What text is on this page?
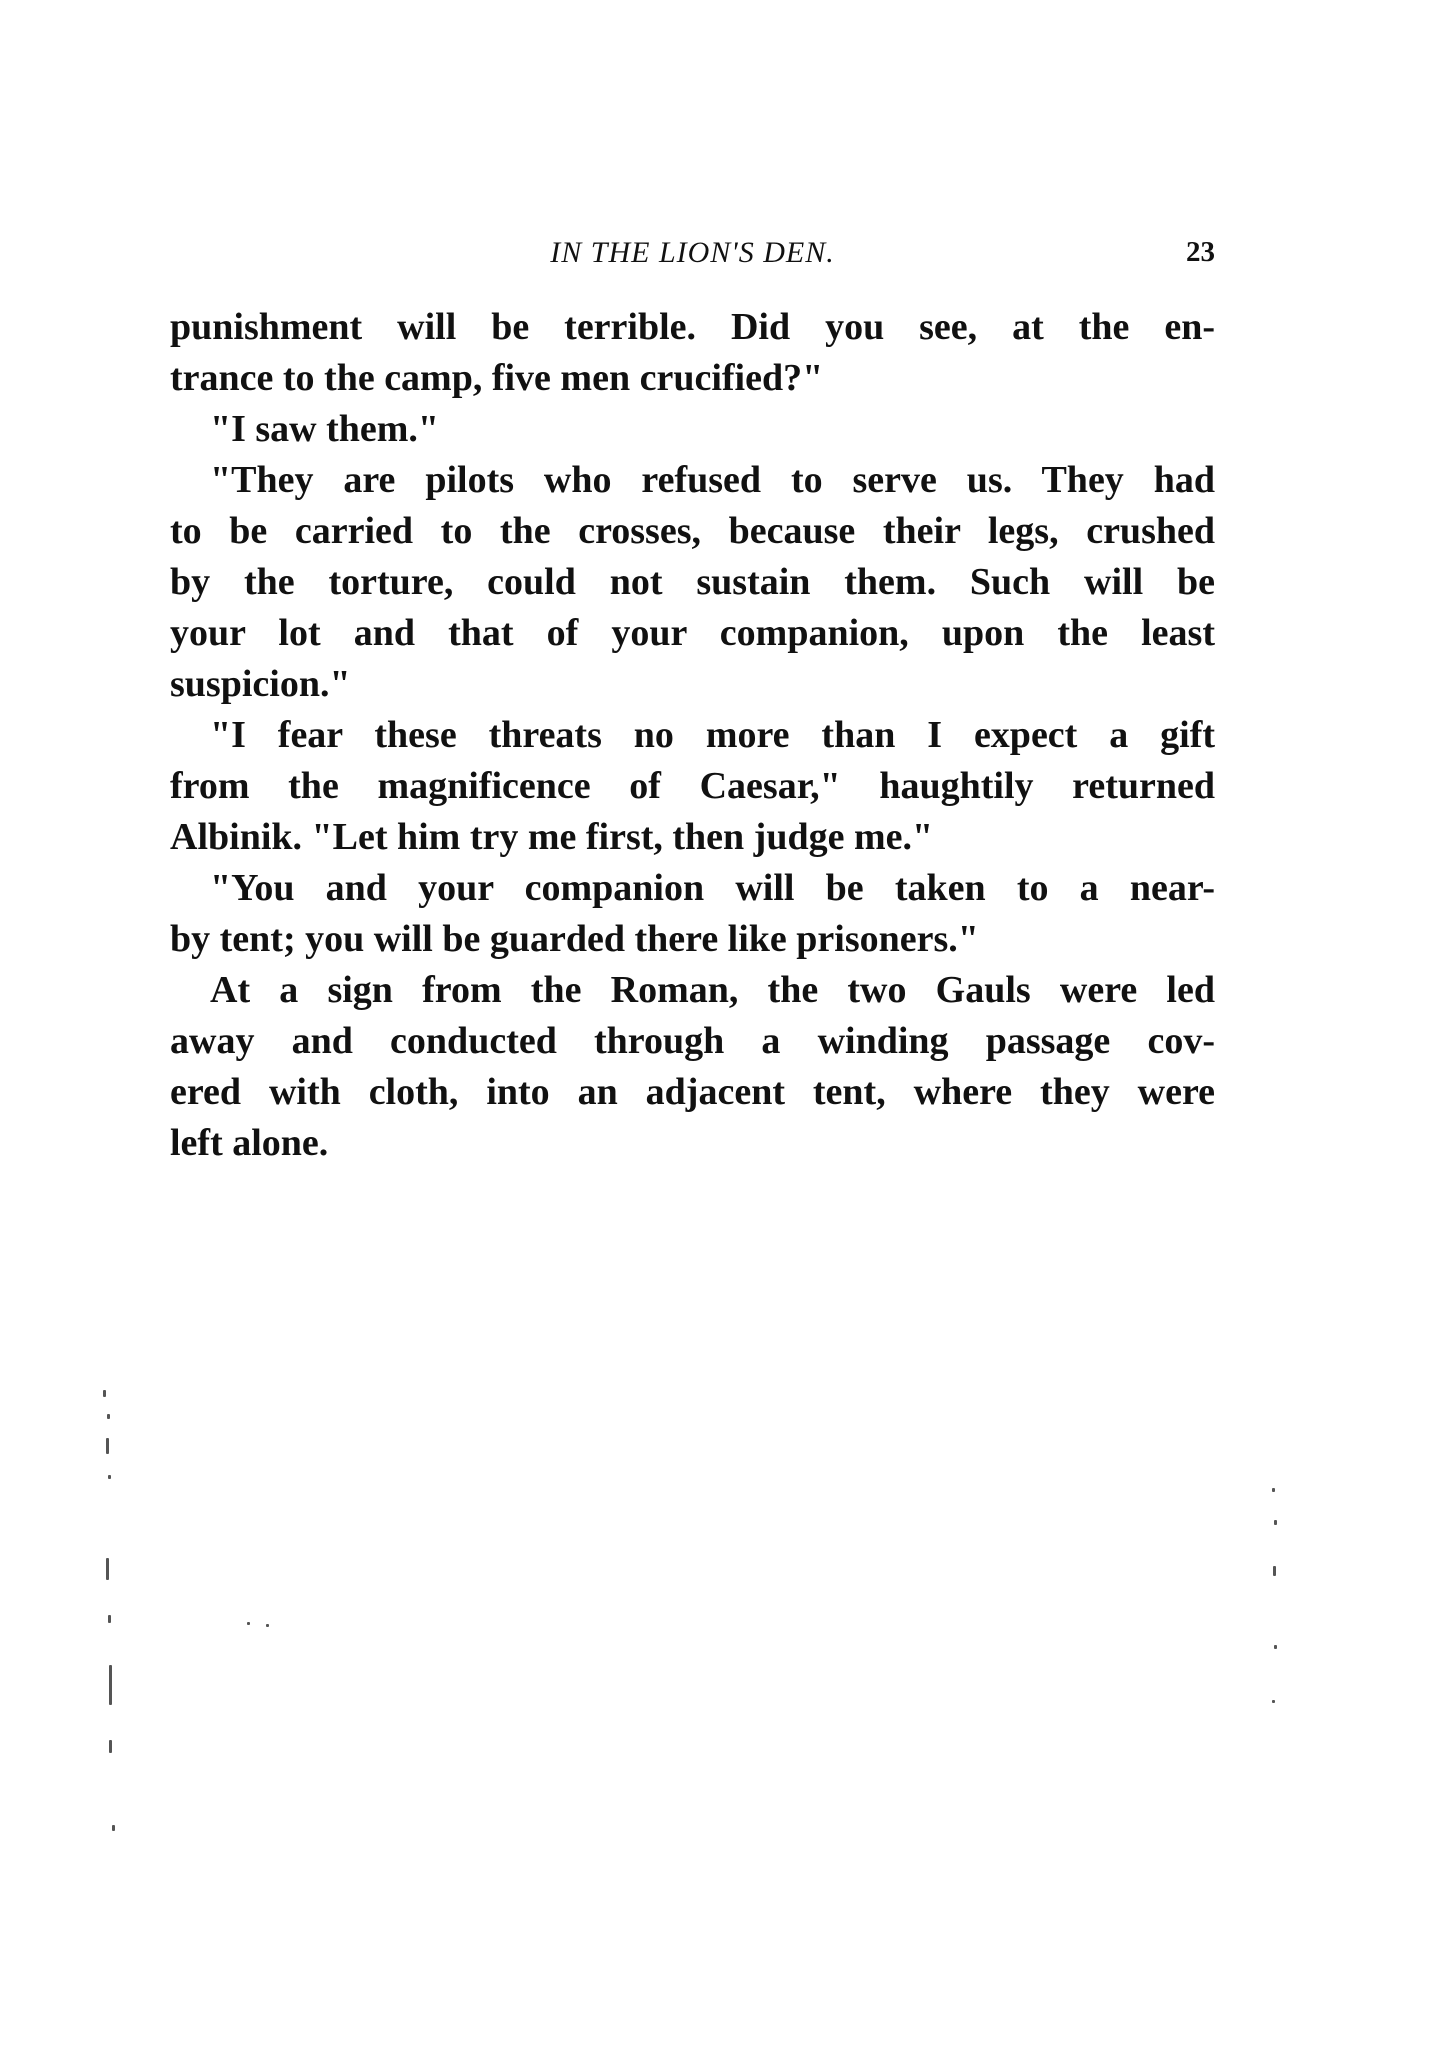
IN THE LION'S DEN.	23
punishment will be terrible. Did you see, at the en-
trance to the camp, five men crucified?"
"I saw them."
"They are pilots who refused to serve us. They had
to be carried to the crosses, because their legs, crushed
by the torture, could not sustain them. Such will be
your lot and that of your companion, upon the least
suspicion."
"I fear these threats no more than I expect a gift
from the magnificence of Caesar," haughtily returned
Albinik. "Let him try me first, then judge me."
"You and your companion will be taken to a near-
by tent; you will be guarded there like prisoners."
At a sign from the Roman, the two Gauls were led
away and conducted through a winding passage cov-
ered with cloth, into an adjacent tent, where they were
left alone.
